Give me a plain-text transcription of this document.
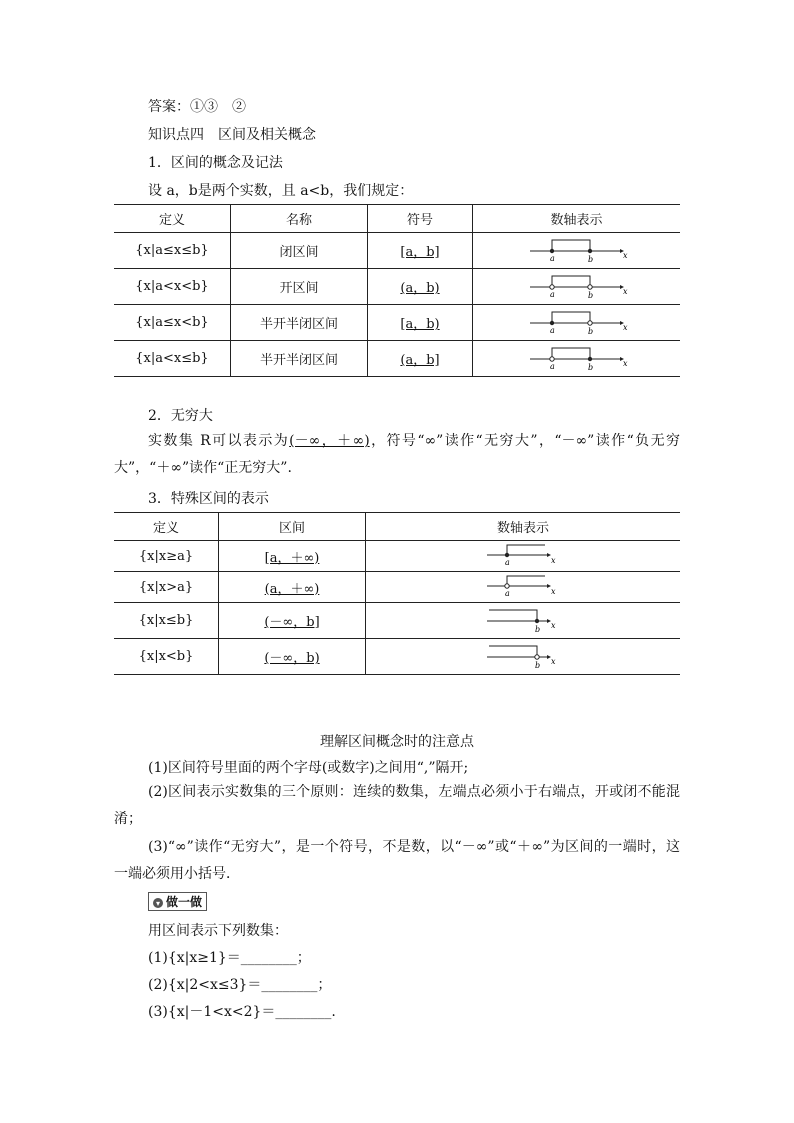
答案：①③　②
知识点四　区间及相关概念
1．区间的概念及记法
设 a，b是两个实数，且 a<b，我们规定：
定义	名称	符号	数轴表示
{x|a≤x≤b}	闭区间	[a，b]	a b x

{x|a<x<b}	开区间	(a，b)	a b x

{x|a≤x<b}	半开半闭区间	[a，b)	a b x

{x|a<x≤b}	半开半闭区间	(a，b]	a b x
2．无穷大
实数集 R可以表示为(－∞，＋∞)，符号“∞”读作“无穷大”，“－∞”读作“负无穷大”，“＋∞”读作“正无穷大”.
3．特殊区间的表示
定义	区间	数轴表示
{x|x≥a}	[a，＋∞)	a x

{x|x>a}	(a，＋∞)	a x

{x|x≤b}	(－∞，b]	b x

{x|x<b}	(－∞，b)	b x
理解区间概念时的注意点
(1)区间符号里面的两个字母(或数字)之间用“,”隔开;
(2)区间表示实数集的三个原则：连续的数集，左端点必须小于右端点，开或闭不能混淆；
(3)“∞”读作“无穷大”，是一个符号，不是数，以“－∞”或“＋∞”为区间的一端时，这一端必须用小括号．
▾ 做一做
用区间表示下列数集：
(1){x|x≥1}＝________；
(2){x|2<x≤3}＝________；
(3){x|－1<x<2}＝________.
